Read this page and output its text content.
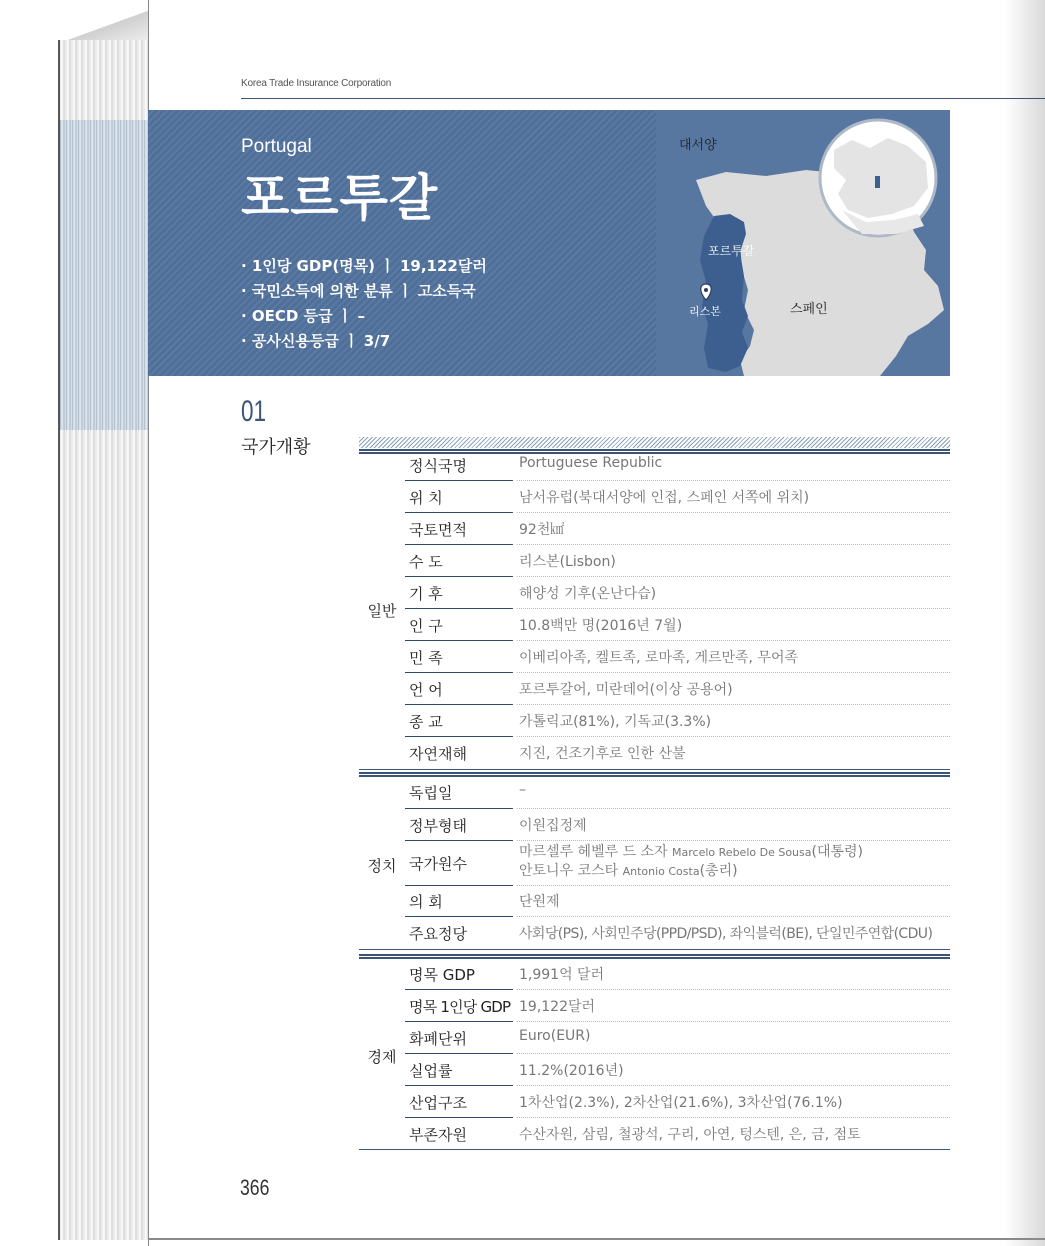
Korea Trade Insurance Corporation
Portugal
포르투갈
· 1인당 GDP(명목) ㅣ 19,122달러
· 국민소득에 의한 분류 ㅣ 고소득국
· OECD 등급 ㅣ –
· 공사신용등급 ㅣ 3/7
대서양
포르투갈
리스본	스페인
01
국가개황
일반
정식국명	Portuguese Republic
위 치	남서유럽(북대서양에 인접, 스페인 서쪽에 위치)
국토면적	92천㎢
수 도	리스본(Lisbon)
기 후	해양성 기후(온난다습)
인 구	10.8백만 명(2016년 7월)
민 족	이베리아족, 켈트족, 로마족, 게르만족, 무어족
언 어	포르투갈어, 미란데어(이상 공용어)
종 교	가톨릭교(81%), 기독교(3.3%)
자연재해	지진, 건조기후로 인한 산불
정치
독립일	–
정부형태	이원집정제
국가원수
마르셀루 헤벨루 드 소자 Marcelo Rebelo De Sousa(대통령)
안토니우 코스타 Antonio Costa(총리)
의 회	단원제
주요정당	사회당(PS), 사회민주당(PPD/PSD), 좌익블럭(BE), 단일민주연합(CDU)
경제
명목 GDP	1,991억 달러
명목 1인당 GDP 19,122달러
화폐단위	Euro(EUR)
실업률	11.2%(2016년)
산업구조	1차산업(2.3%), 2차산업(21.6%), 3차산업(76.1%)
부존자원	수산자원, 삼림, 철광석, 구리, 아연, 텅스텐, 은, 금, 점토
366
